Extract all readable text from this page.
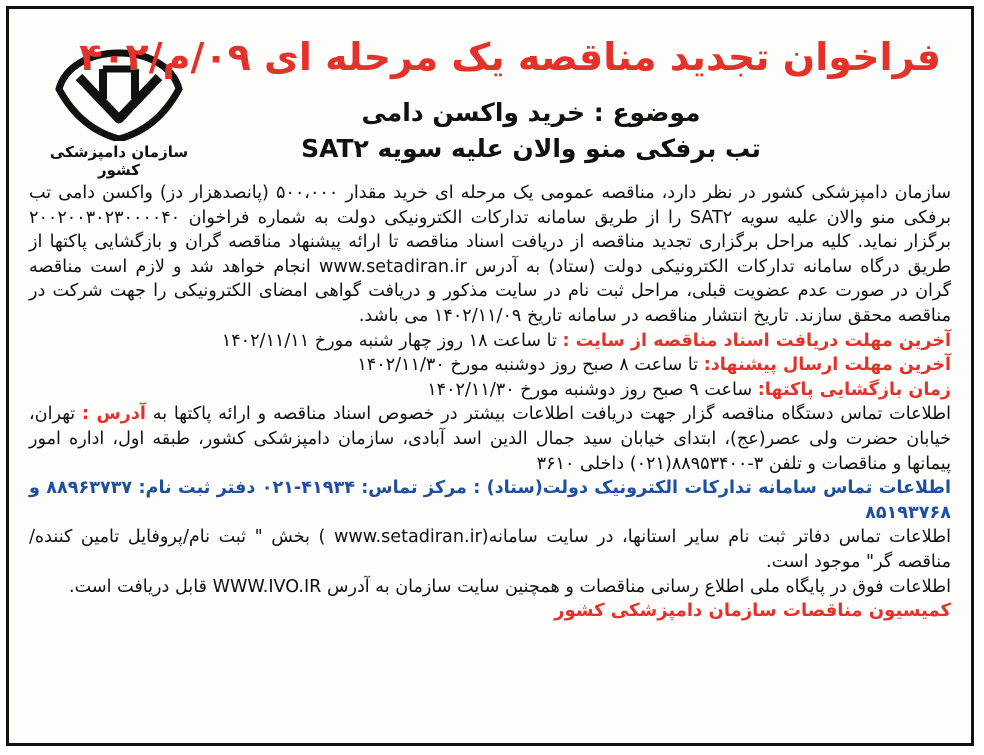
سازمان دامپزشکی کشور
فراخوان تجدید مناقصه یک مرحله ای ۰۹/م/۴۰۲
موضوع : خرید واکسن دامی
تب برفکی منو والان علیه سویه SAT۲

سازمان دامپزشکی کشور در نظر دارد، مناقصه عمومی یک مرحله ای خرید مقدار ۵۰۰،۰۰۰ (پانصدهزار دز) واکسن دامی تب برفکی منو والان علیه سویه SAT۲ را از طریق سامانه تدارکات الکترونیکی دولت به شماره فراخوان ۲۰۰۲۰۰۳۰۲۳۰۰۰۰۴۰ برگزار نماید. کلیه مراحل برگزاری تجدید مناقصه از دریافت اسناد مناقصه تا ارائه پیشنهاد مناقصه گران و بازگشایی پاکتها از طریق درگاه سامانه تدارکات الکترونیکی دولت (ستاد) به آدرس www.setadiran.ir انجام خواهد شد و لازم است مناقصه گران در صورت عدم عضویت قبلی، مراحل ثبت نام در سایت مذکور و دریافت گواهی امضای الکترونیکی را جهت شرکت در مناقصه محقق سازند. تاریخ انتشار مناقصه در سامانه تاریخ ۱۴۰۲/۱۱/۰۹ می باشد.

آخرین مهلت دریافت اسناد مناقصه از سایت : تا ساعت ۱۸ روز چهار شنبه مورخ ۱۴۰۲/۱۱/۱۱

آخرین مهلت ارسال پیشنهاد: تا ساعت ۸ صبح روز دوشنبه مورخ ۱۴۰۲/۱۱/۳۰

زمان بازگشایی پاکتها: ساعت ۹ صبح روز دوشنبه مورخ ۱۴۰۲/۱۱/۳۰

اطلاعات تماس دستگاه مناقصه گزار جهت دریافت اطلاعات بیشتر در خصوص اسناد مناقصه و ارائه پاکتها به آدرس : تهران، خیابان حضرت ولی عصر(عج)، ابتدای خیابان سید جمال الدین اسد آبادی، سازمان دامپزشکی کشور، طبقه اول، اداره امور پیمانها و مناقصات و تلفن ۳-۸۸۹۵۳۴۰۰(۰۲۱) داخلی ۳۶۱۰

اطلاعات تماس سامانه تدارکات الکترونیک دولت(ستاد) : مرکز تماس: ۴۱۹۳۴-۰۲۱ دفتر ثبت نام: ۸۸۹۶۳۷۳۷ و ۸۵۱۹۳۷۶۸

اطلاعات تماس دفاتر ثبت نام سایر استانها، در سایت سامانه(www.setadiran.ir ) بخش " ثبت نام/پروفایل تامین کننده/ مناقصه گر" موجود است.

اطلاعات فوق در پایگاه ملی اطلاع رسانی مناقصات و همچنین سایت سازمان به آدرس WWW.IVO.IR قابل دریافت است.

کمیسیون مناقصات سازمان دامپزشکی کشور
